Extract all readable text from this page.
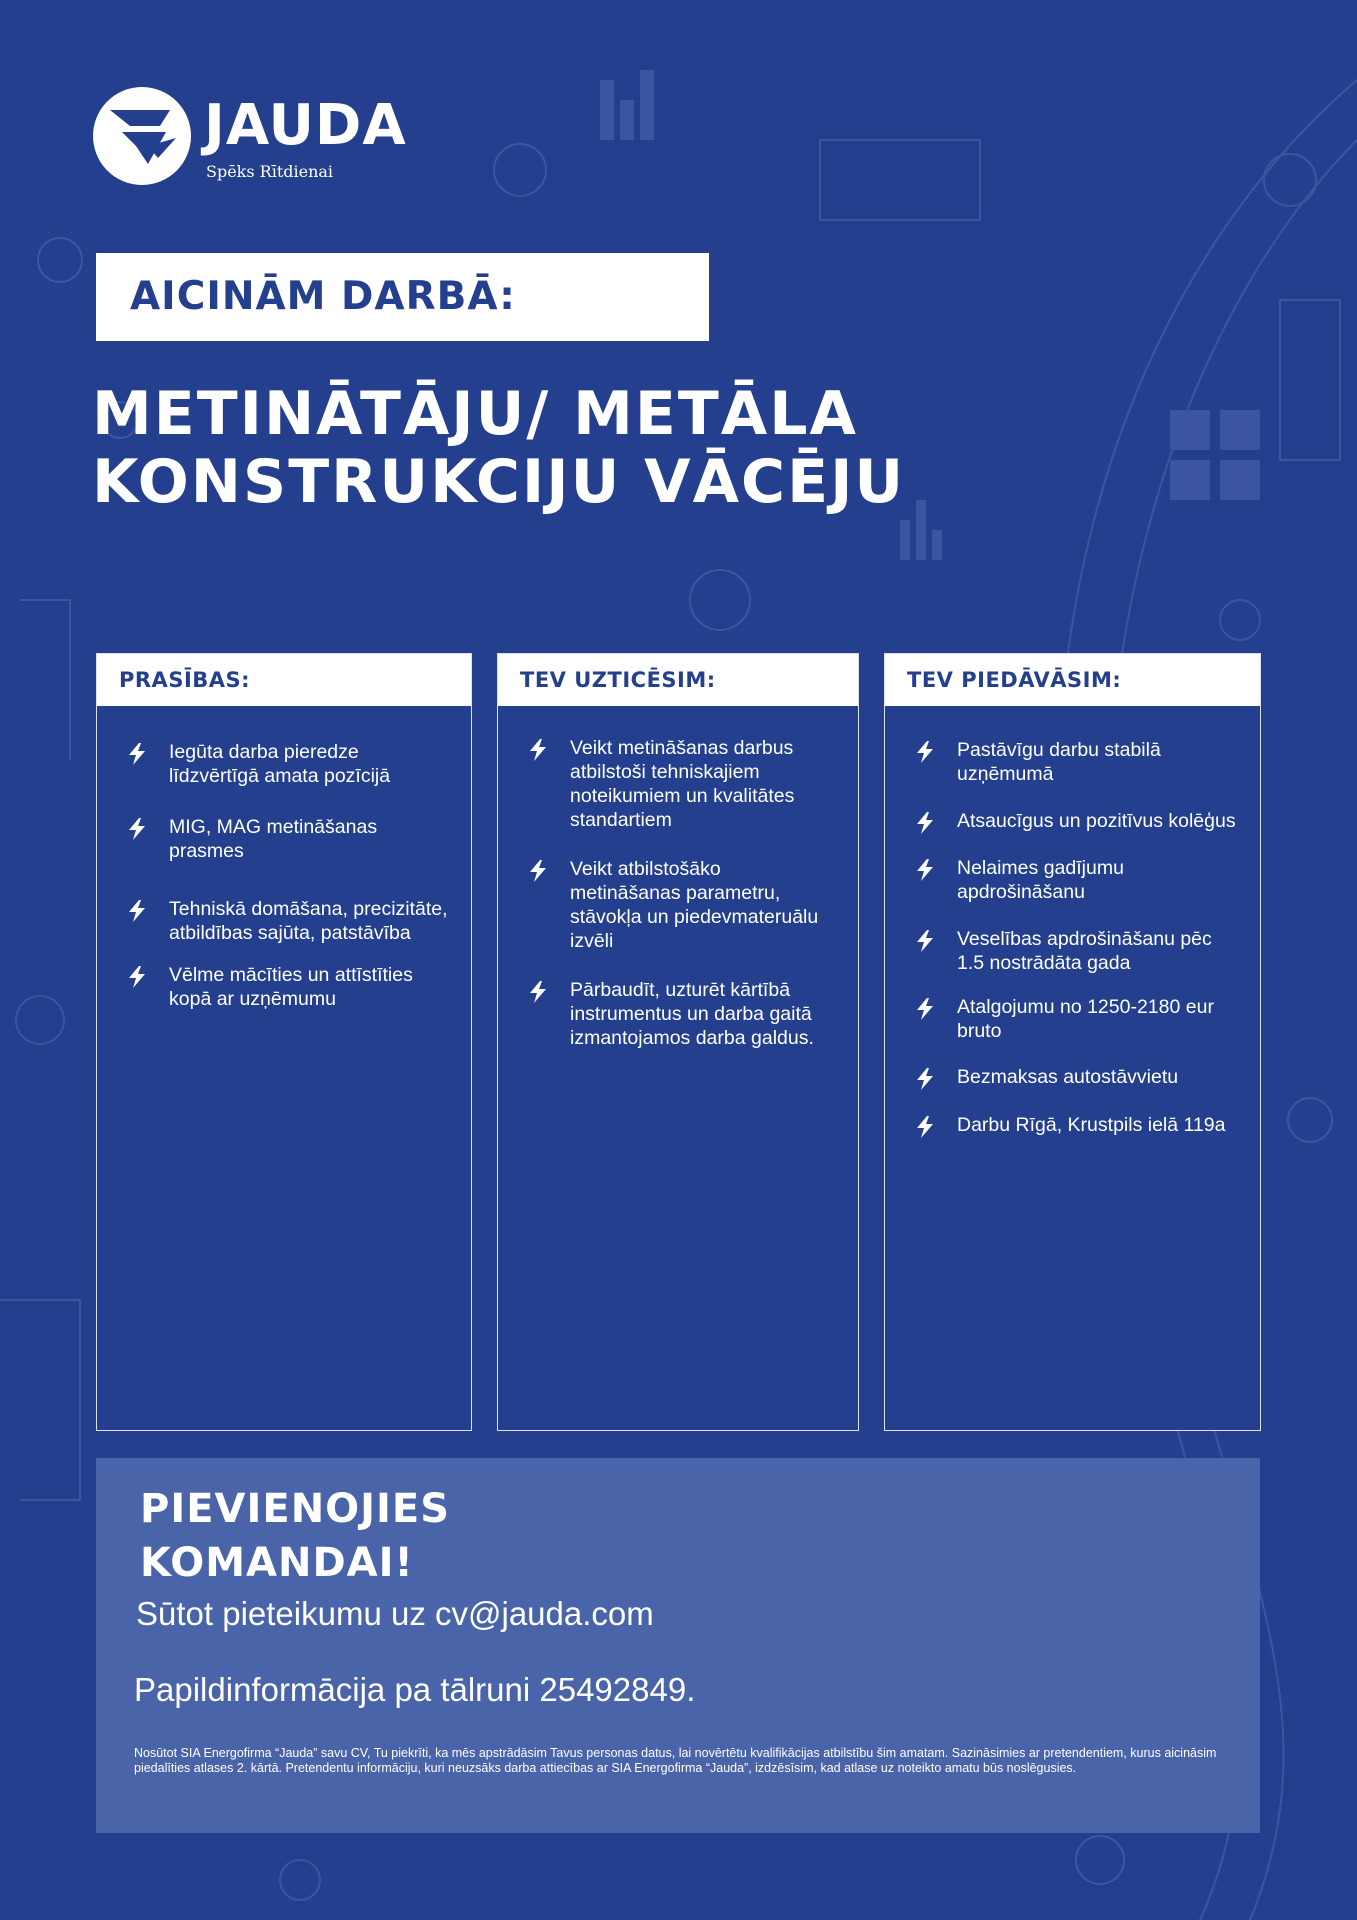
JAUDA
Spēks Rītdienai
AICINĀM DARBĀ:
METINĀTĀJU/ METĀLA
KONSTRUKCIJU VĀCĒJU
PRASĪBAS:
Iegūta darba pieredze līdzvērtīgā amata pozīcijā
MIG, MAG metināšanas prasmes
Tehniskā domāšana, precizitāte, atbildības sajūta, patstāvība
Vēlme mācīties un attīstīties kopā ar uzņēmumu
TEV UZTICĒSIM:
Veikt metināšanas darbus atbilstoši tehniskajiem noteikumiem un kvalitātes standartiem
Veikt atbilstošāko metināšanas parametru, stāvokļa un piedevmateruālu izvēli
Pārbaudīt, uzturēt kārtībā instrumentus un darba gaitā izmantojamos darba galdus.
TEV PIEDĀVĀSIM:
Pastāvīgu darbu stabilā uzņēmumā
Atsaucīgus un pozitīvus kolēģus
Nelaimes gadījumu apdrošināšanu
Veselības apdrošināšanu pēc 1.5 nostrādāta gada
Atalgojumu no 1250-2180 eur bruto
Bezmaksas autostāvvietu
Darbu Rīgā, Krustpils ielā 119a
PIEVIENOJIES
KOMANDAI!
Sūtot pieteikumu uz cv@jauda.com
Papildinformācija pa tālruni 25492849.
Nosūtot SIA Energofirma “Jauda” savu CV, Tu piekrīti, ka mēs apstrādāsim Tavus personas datus, lai novērtētu kvalifikācijas atbilstību šim amatam. Sazināsimies ar pretendentiem, kurus aicināsim piedalīties atlases 2. kārtā. Pretendentu informāciju, kuri neuzsāks darba attiecības ar SIA Energofirma “Jauda”, izdzēsīsim, kad atlase uz noteikto amatu būs noslēgusies.
